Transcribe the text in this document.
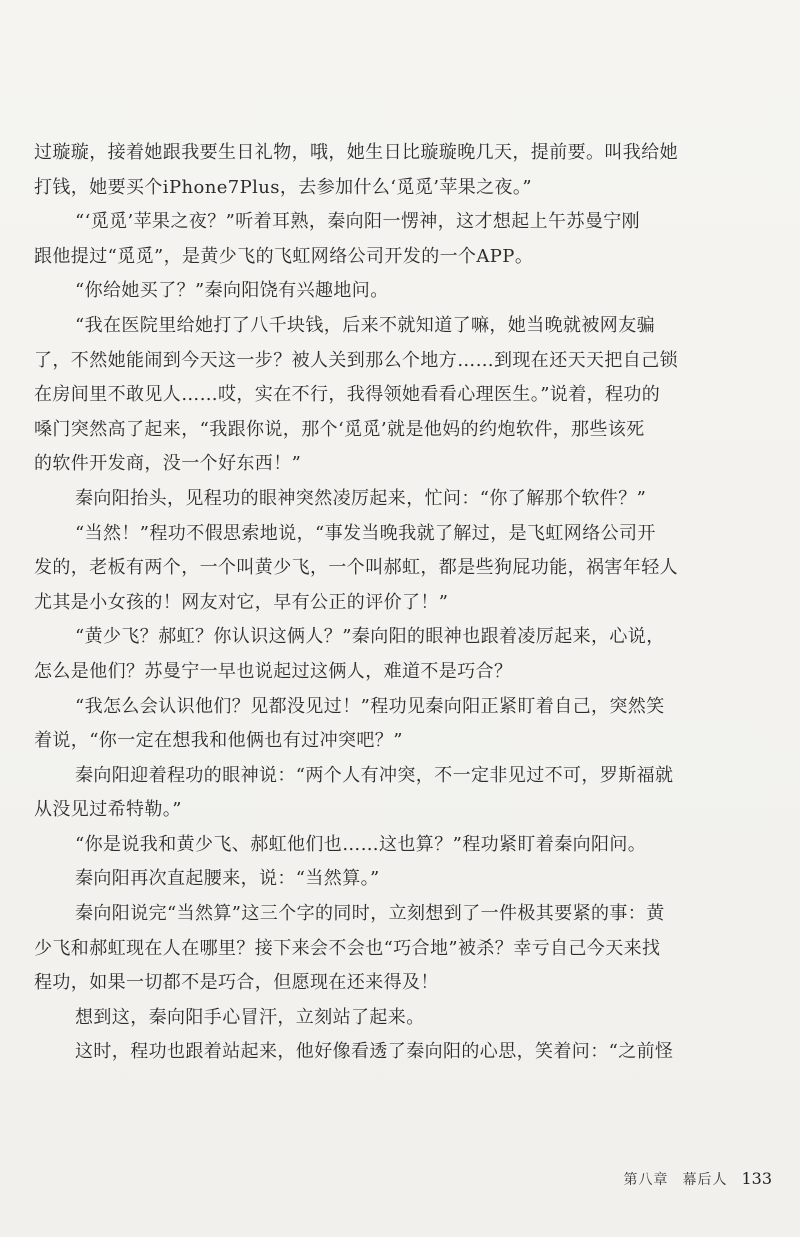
过璇璇，接着她跟我要生日礼物，哦，她生日比璇璇晚几天，提前要。叫我给她
打钱，她要买个iPhone7Plus，去参加什么‘觅觅’苹果之夜。”
“‘觅觅’苹果之夜？”听着耳熟，秦向阳一愣神，这才想起上午苏曼宁刚
跟他提过“觅觅”，是黄少飞的飞虹网络公司开发的一个APP。
“你给她买了？”秦向阳饶有兴趣地问。
“我在医院里给她打了八千块钱，后来不就知道了嘛，她当晚就被网友骗
了，不然她能闹到今天这一步？被人关到那么个地方……到现在还天天把自己锁
在房间里不敢见人……哎，实在不行，我得领她看看心理医生。”说着，程功的
嗓门突然高了起来，“我跟你说，那个‘觅觅’就是他妈的约炮软件，那些该死
的软件开发商，没一个好东西！”
秦向阳抬头，见程功的眼神突然凌厉起来，忙问：“你了解那个软件？”
“当然！”程功不假思索地说，“事发当晚我就了解过，是飞虹网络公司开
发的，老板有两个，一个叫黄少飞，一个叫郝虹，都是些狗屁功能，祸害年轻人
尤其是小女孩的！网友对它，早有公正的评价了！”
“黄少飞？郝虹？你认识这俩人？”秦向阳的眼神也跟着凌厉起来，心说，
怎么是他们？苏曼宁一早也说起过这俩人，难道不是巧合？
“我怎么会认识他们？见都没见过！”程功见秦向阳正紧盯着自己，突然笑
着说，“你一定在想我和他俩也有过冲突吧？”
秦向阳迎着程功的眼神说：“两个人有冲突，不一定非见过不可，罗斯福就
从没见过希特勒。”
“你是说我和黄少飞、郝虹他们也……这也算？”程功紧盯着秦向阳问。
秦向阳再次直起腰来，说：“当然算。”
秦向阳说完“当然算”这三个字的同时，立刻想到了一件极其要紧的事：黄
少飞和郝虹现在人在哪里？接下来会不会也“巧合地”被杀？幸亏自己今天来找
程功，如果一切都不是巧合，但愿现在还来得及！
想到这，秦向阳手心冒汗，立刻站了起来。
这时，程功也跟着站起来，他好像看透了秦向阳的心思，笑着问：“之前怪
第八章 幕后人 133
